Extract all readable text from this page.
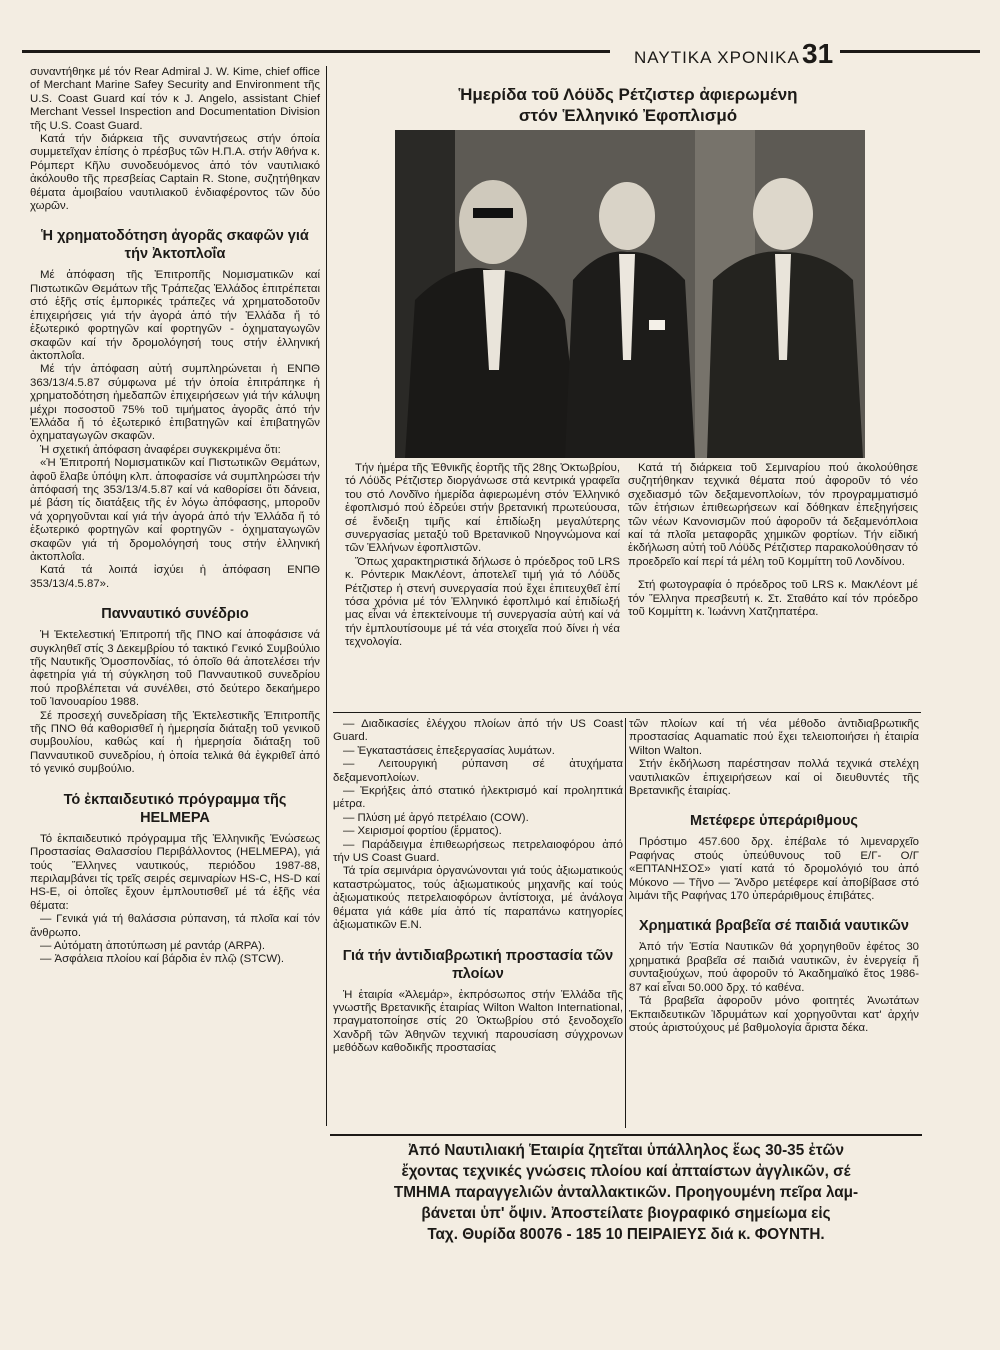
ΝΑΥΤΙΚΑ ΧΡΟΝΙΚΑ 31

συναντήθηκε μέ τόν Rear Admiral J. W. Kime, chief office of Merchant Marine Safey Security and Environment τῆς U.S. Coast Guard καί τόν κ J. Angelo, assistant Chief Merchant Vessel Inspection and Documentation Division τῆς U.S. Coast Guard.

Κατά τήν διάρκεια τῆς συναντήσεως στήν όποία συμμετεῖχαν ἐπίσης ὁ πρέσβυς τῶν Η.Π.Α. στήν Ἀθήνα κ. Ρόμπερτ Κῆλυ συνοδευόμενος ἀπό τόν ναυτιλιακό ἀκόλουθο τῆς πρεσβείας Captain R. Stone, συζητήθηκαν θέματα ἀμοιβαίου ναυτιλιακοῦ ἐνδιαφέροντος τῶν δύο χωρῶν.

Ἡ χρηματοδότηση ἀγορᾶς σκαφῶν γιά τήν Ἀκτοπλοΐα

Μέ ἀπόφαση τῆς Ἐπιτροπῆς Νομισματικῶν καί Πιστωτικῶν Θεμάτων τῆς Τράπεζας Ἑλλάδος ἐπιτρέπεται στό ἑξῆς στίς ἐμπορικές τράπεζες νά χρηματοδοτοῦν ἐπιχειρήσεις γιά τήν ἀγορά ἀπό τήν Ἑλλάδα ἤ τό ἐξωτερικό φορτηγῶν καί φορτηγῶν - ὀχηματαγωγῶν σκαφῶν καί τήν δρομολόγησή τους στήν ἑλληνική ἀκτοπλοΐα.

Μέ τήν ἀπόφαση αὐτή συμπληρώνεται ἡ ΕΝΠΘ 363/13/4.5.87 σύμφωνα μέ τήν ὁποία ἐπιτράπηκε ἡ χρηματοδότηση ἡμεδαπῶν ἐπιχειρήσεων γιά τήν κάλυψη μέχρι ποσοστοῦ 75% τοῦ τιμήματος ἀγορᾶς ἀπό τήν Ἑλλάδα ἤ τό ἐξωτερικό ἐπιβατηγῶν καί ἐπιβατηγῶν ὀχηματαγωγῶν σκαφῶν.

Ἡ σχετική ἀπόφαση ἀναφέρει συγκεκριμένα ὅτι:

«Ἡ Ἐπιτροπή Νομισματικῶν καί Πιστωτικῶν Θεμάτων, ἀφοῦ ἔλαβε ὑπόψη κλπ. ἀποφασίσε νά συμπληρώσει τήν ἀπόφασή της 353/13/4.5.87 καί νά καθορίσει ὅτι δάνεια, μέ βάση τίς διατάξεις τῆς ἐν λόγω ἀπόφασης, μποροῦν νά χορηγοῦνται καί γιά τήν ἀγορά ἀπό τήν Ἑλλάδα ἤ τό ἐξωτερικό φορτηγῶν καί φορτηγῶν - ὀχηματαγωγῶν σκαφῶν γιά τή δρομολόγησή τους στήν ἑλληνική ἀκτοπλοΐα.

Κατά τά λοιπά ἰσχύει ἡ ἀπόφαση ΕΝΠΘ 353/13/4.5.87».

Πανναυτικό συνέδριο

Ἡ Ἐκτελεστική Ἐπιτροπή τῆς ΠΝΟ καί ἀποφάσισε νά συγκληθεῖ στίς 3 Δεκεμβρίου τό τακτικό Γενικό Συμβούλιο τῆς Ναυτικῆς Ὁμοσπονδίας, τό ὁποῖο θά ἀποτελέσει τήν ἀφετηρία γιά τή σύγκληση τοῦ Πανναυτικοῦ συνεδρίου πού προβλέπεται νά συνέλθει, στό δεύτερο δεκαήμερο τοῦ Ἰανουαρίου 1988.

Σέ προσεχή συνεδρίαση τῆς Ἐκτελεστικῆς Ἐπιτροπῆς τῆς ΠΝΟ θά καθορισθεῖ ἡ ἡμερησία διάταξη τοῦ γενικοῦ συμβουλίου, καθώς καί ἡ ἡμερησία διάταξη τοῦ Πανναυτικοῦ συνεδρίου, ἡ ὁποία τελικά θά ἐγκριθεῖ ἀπό τό γενικό συμβούλιο.

Τό ἐκπαιδευτικό πρόγραμμα τῆς HELMEPA

Τό ἐκπαιδευτικό πρόγραμμα τῆς Ἑλληνικῆς Ἑνώσεως Προστασίας Θαλασσίου Περιβάλλοντος (HELMEPA), γιά τούς Ἕλληνες ναυτικούς, περιόδου 1987-88, περιλαμβάνει τίς τρεῖς σειρές σεμιναρίων HS-C, HS-D καί HS-E, οἱ ὁποῖες ἔχουν ἐμπλουτισθεῖ μέ τά ἑξῆς νέα θέματα:

— Γενικά γιά τή θαλάσσια ρύπανση, τά πλοῖα καί τόν ἄνθρωπο.

— Αὐτόματη ἀποτύπωση μέ ραντάρ (ARPA).

— Ἀσφάλεια πλοίου καί βάρδια ἐν πλῷ (STCW).

Ἡμερίδα τοῦ Λόϋδς Ρέτζιστερ ἀφιερωμένη
στόν Ἑλληνικό Ἐφοπλισμό

Τήν ἡμέρα τῆς Ἐθνικῆς ἑορτῆς τῆς 28ης Ὀκτωβρίου, τό Λόϋδς Ρέτζιστερ διοργάνωσε στά κεντρικά γραφεῖα του στό Λονδῖνο ἡμερίδα ἀφιερωμένη στόν Ἑλληνικό ἐφοπλισμό πού ἑδρεύει στήν βρετανική πρωτεύουσα, σέ ἔνδειξη τιμῆς καί ἐπιδίωξη μεγαλύτερης συνεργασίας μεταξύ τοῦ Βρετανικοῦ Νηογνώμονα καί τῶν Ἑλλήνων ἐφοπλιστῶν.

Ὅπως χαρακτηριστικά δήλωσε ὁ πρόεδρος τοῦ LRS κ. Ρόντερικ ΜακΛέοντ, ἀποτελεῖ τιμή γιά τό Λόϋδς Ρέτζιστερ ἡ στενή συνεργασία πού ἔχει ἐπιτευχθεῖ ἐπί τόσα χρόνια μέ τόν Ἑλληνικό ἐφοπλιμό καί ἐπιδίωξή μας εἶναι νά ἐπεκτείνουμε τή συνεργασία αὐτή καί νά τήν ἐμπλουτίσουμε μέ τά νέα στοιχεῖα πού δίνει ἡ νέα τεχνολογία.

Κατά τή διάρκεια τοῦ Σεμιναρίου πού ἀκολούθησε συζητήθηκαν τεχνικά θέματα πού ἀφοροῦν τό νέο σχεδιασμό τῶν δεξαμενοπλοίων, τόν προγραμματισμό τῶν ἐτήσιων ἐπιθεωρήσεων καί δόθηκαν ἐπεξηγήσεις τῶν νέων Κανονισμῶν πού ἀφοροῦν τά δεξαμενόπλοια καί τά πλοῖα μεταφορᾶς χημικῶν φορτίων. Τήν εἰδική ἐκδήλωση αὐτή τοῦ Λόϋδς Ρέτζιστερ παρακολούθησαν τό προεδρεῖο καί περί τά μέλη τοῦ Κομμίττη τοῦ Λονδίνου.

Στή φωτογραφία ὁ πρόεδρος τοῦ LRS κ. ΜακΛέοντ μέ τόν Ἕλληνα πρεσβευτή κ. Στ. Σταθάτο καί τόν πρόεδρο τοῦ Κομμίττη κ. Ἰωάννη Χατζηπατέρα.

— Διαδικασίες ἐλέγχου πλοίων ἀπό τήν US Coast Guard.

— Ἐγκαταστάσεις ἐπεξεργασίας λυμάτων.

— Λειτουργική ρύπανση σέ ἀτυχήματα δεξαμενοπλοίων.

— Ἐκρήξεις ἀπό στατικό ἠλεκτρισμό καί προληπτικά μέτρα.

— Πλύση μέ ἀργό πετρέλαιο (COW).

— Χειρισμοί φορτίου (ἕρματος).

— Παράδειγμα ἐπιθεωρήσεως πετρελαιοφόρου ἀπό τήν US Coast Guard.

Τά τρία σεμινάρια ὀργανώνονται γιά τούς ἀξιωματικούς καταστρώματος, τούς ἀξιωματικούς μηχανῆς καί τούς ἀξιωματικούς πετρελαιοφόρων ἀντίστοιχα, μέ ἀνάλογα θέματα γιά κάθε μία ἀπό τίς παραπάνω κατηγορίες ἀξιωματικῶν Ε.Ν.

Γιά τήν ἀντιδιαβρωτική προστασία τῶν πλοίων

Ἡ ἑταιρία «Ἀλεμάρ», ἐκπρόσωπος στήν Ἑλλάδα τῆς γνωστῆς Βρετανικῆς ἑταιρίας Wilton Walton International, πραγματοποίησε στίς 20 Ὀκτωβρίου στό ξενοδοχεῖο Χανδρῆ τῶν Ἀθηνῶν τεχνική παρουσίαση σύγχρονων μεθόδων καθοδικῆς προστασίας

τῶν πλοίων καί τή νέα μέθοδο ἀντιδιαβρωτικῆς προστασίας Aquamatic πού ἔχει τελειοποιήσει ἡ ἑταιρία Wilton Walton.

Στήν ἐκδήλωση παρέστησαν πολλά τεχνικά στελέχη ναυτιλιακῶν ἐπιχειρήσεων καί οἱ διευθυντές τῆς Βρετανικῆς ἑταιρίας.

Μετέφερε ὑπεράριθμους

Πρόστιμο 457.600 δρχ. ἐπέβαλε τό λιμεναρχεῖο Ραφήνας στούς ὑπεύθυνους τοῦ Ε/Γ- Ο/Γ «ΕΠΤΑΝΗΣΟΣ» γιατί κατά τό δρομολόγιό του ἀπό Μύκονο — Τῆνο — Ἄνδρο μετέφερε καί ἀποβίβασε στό λιμάνι τῆς Ραφήνας 170 ὑπεράριθμους ἐπιβάτες.

Χρηματικά βραβεῖα σέ παιδιά ναυτικῶν

Ἀπό τήν Ἑστία Ναυτικῶν θά χορηγηθοῦν ἐφέτος 30 χρηματικά βραβεῖα σέ παιδιά ναυτικῶν, ἐν ἐνεργείᾳ ἤ συνταξιούχων, πού ἀφοροῦν τό Ἀκαδημαϊκό ἔτος 1986-87 καί εἶναι 50.000 δρχ. τό καθένα.

Τά βραβεῖα ἀφοροῦν μόνο φοιτητές Ἀνωτάτων Ἐκπαιδευτικῶν Ἱδρυμάτων καί χορηγοῦνται κατ' ἀρχήν στούς ἀριστούχους μέ βαθμολογία ἄριστα δέκα.

Ἀπό Ναυτιλιακή Ἑταιρία ζητεῖται ὑπάλληλος ἕως 30-35 ἐτῶν
ἔχοντας τεχνικές γνώσεις πλοίου καί ἀπταίστων ἀγγλικῶν, σέ
ΤΜΗΜΑ παραγγελιῶν ἀνταλλακτικῶν. Προηγουμένη πεῖρα λαμ-
βάνεται ὑπ' ὄψιν. Ἀποστείλατε βιογραφικό σημείωμα εἰς
Ταχ. Θυρίδα 80076 - 185 10 ΠΕΙΡΑΙΕΥΣ διά κ. ΦΟΥΝΤΗ.
